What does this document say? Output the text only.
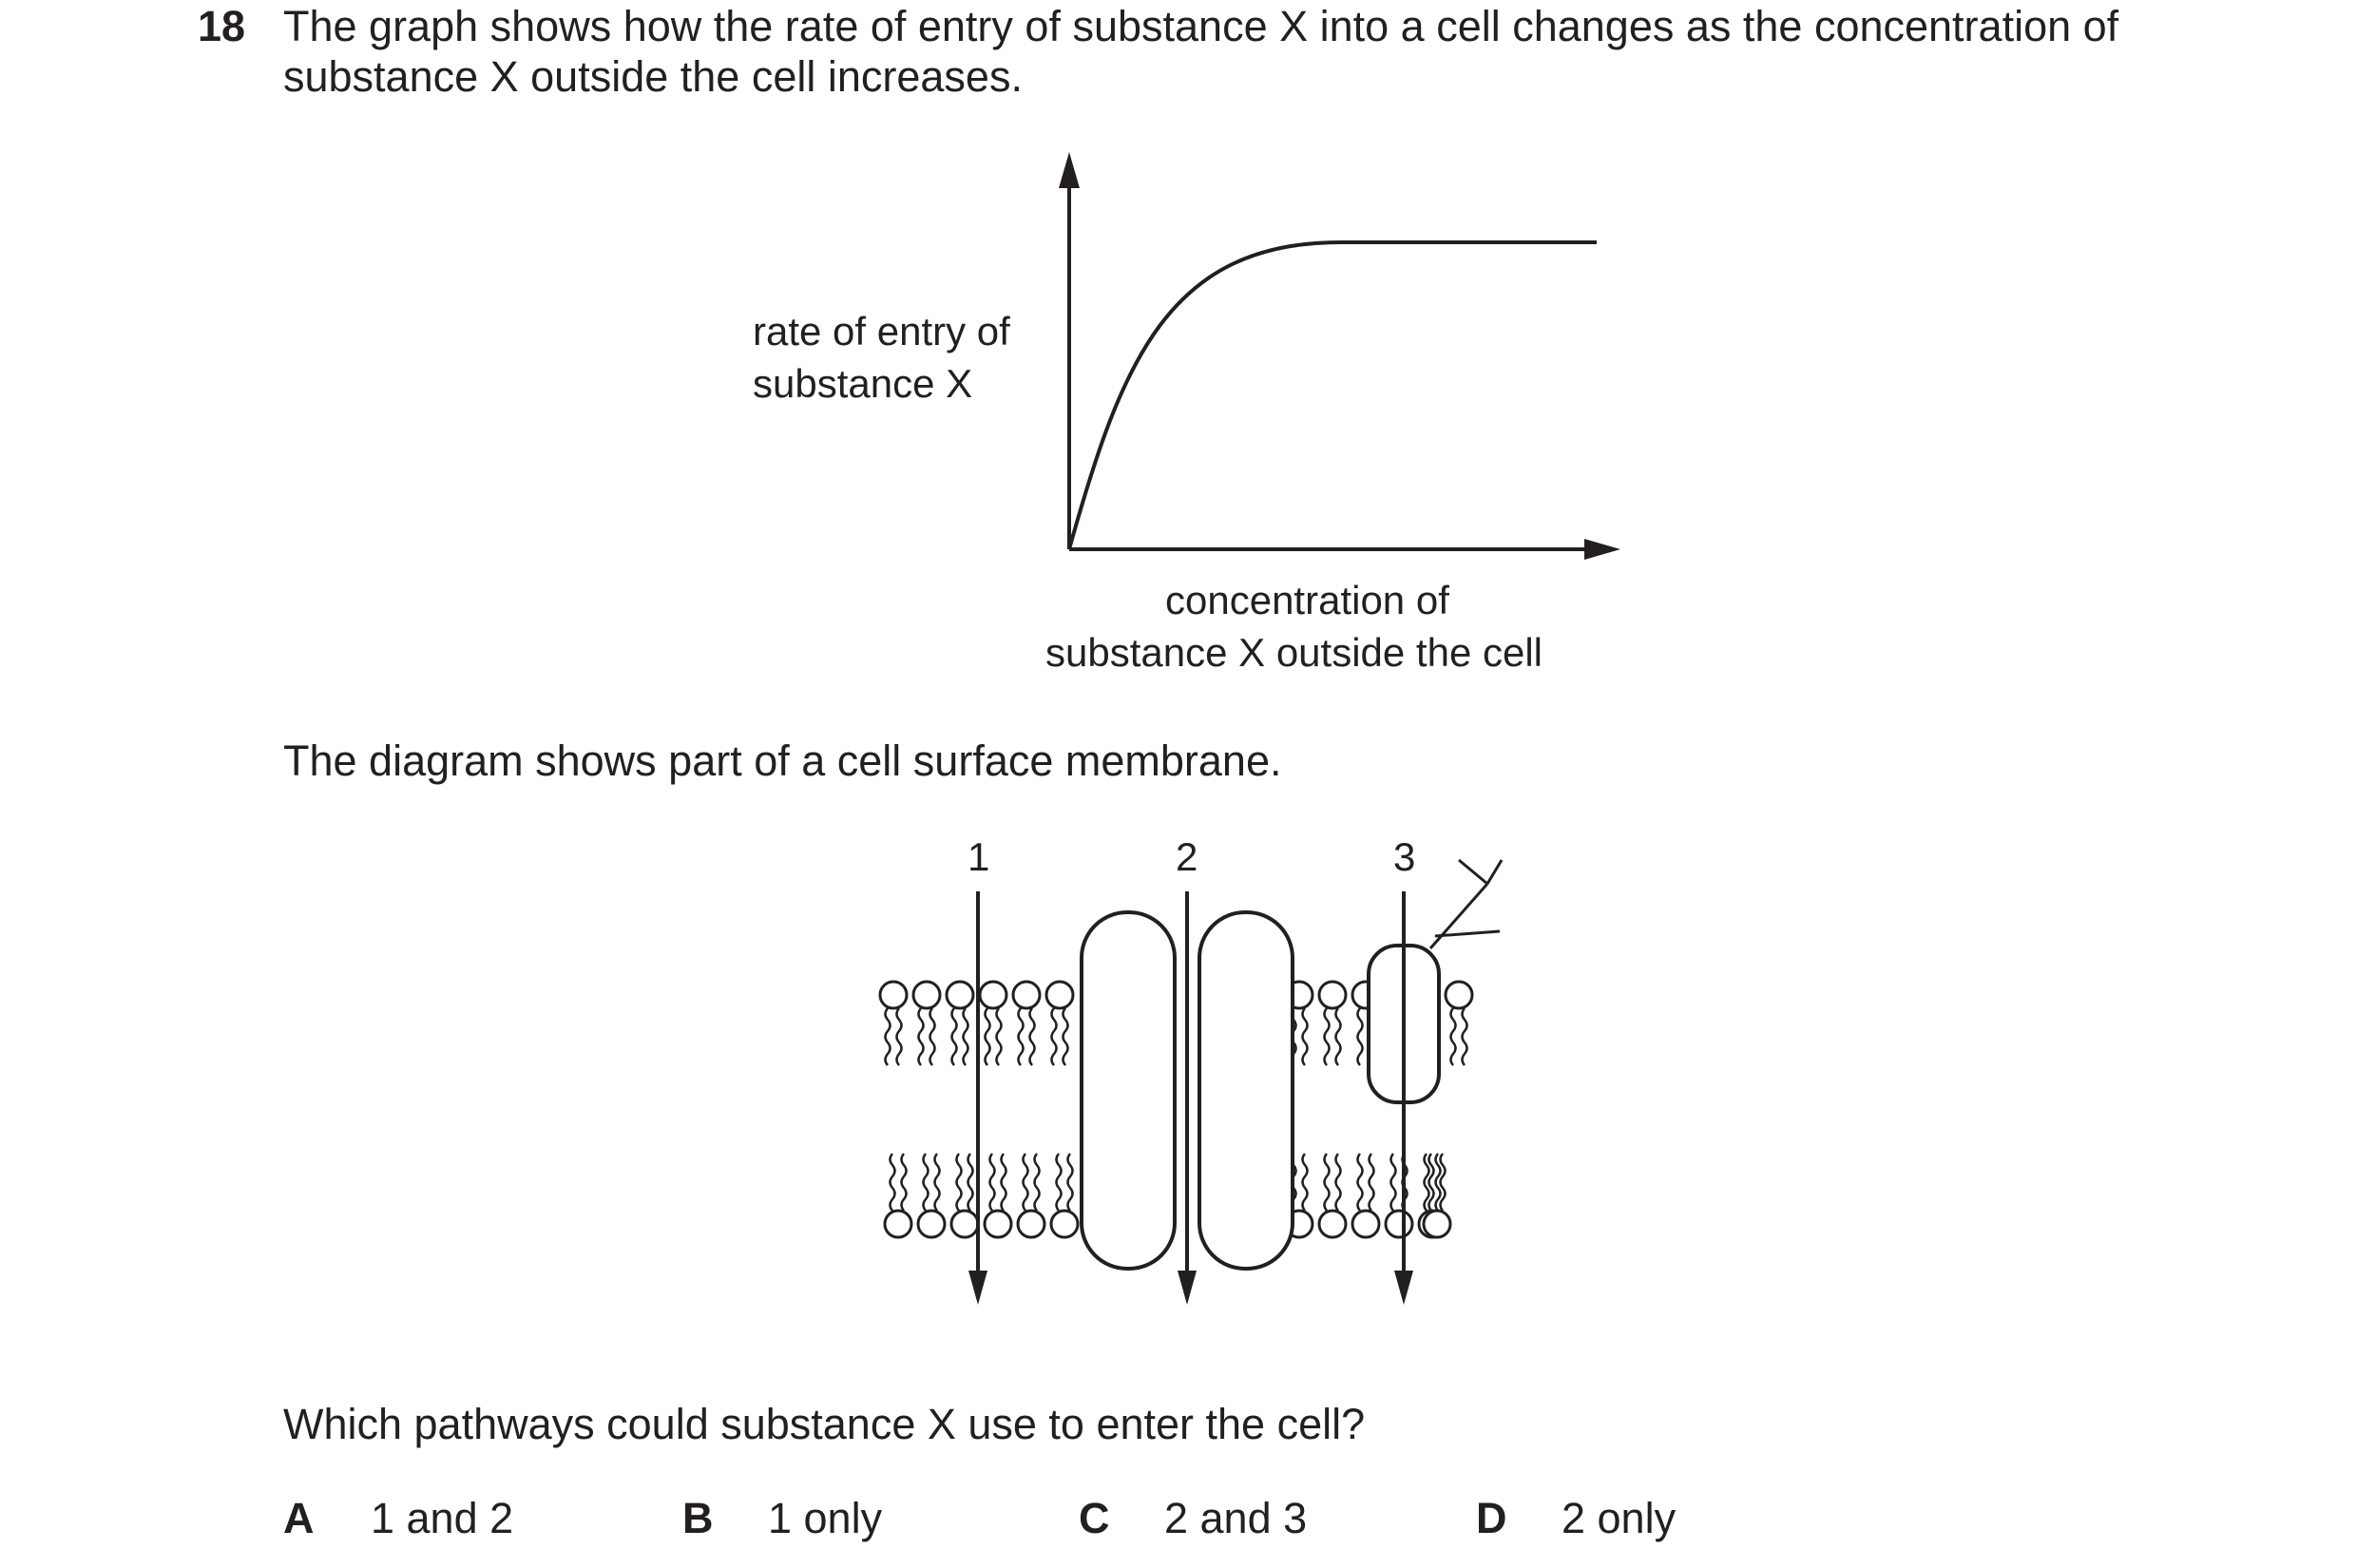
18 The graph shows how the rate of entry of substance X into a cell changes as the concentration of
substance X outside the cell increases.
rate of entry of
substance X
concentration of
substance X outside the cell
The diagram shows part of a cell surface membrane.
1	2	3
Which pathways could substance X use to enter the cell?
A 1 and 2	B 1 only	C 2 and 3	D 2 only
